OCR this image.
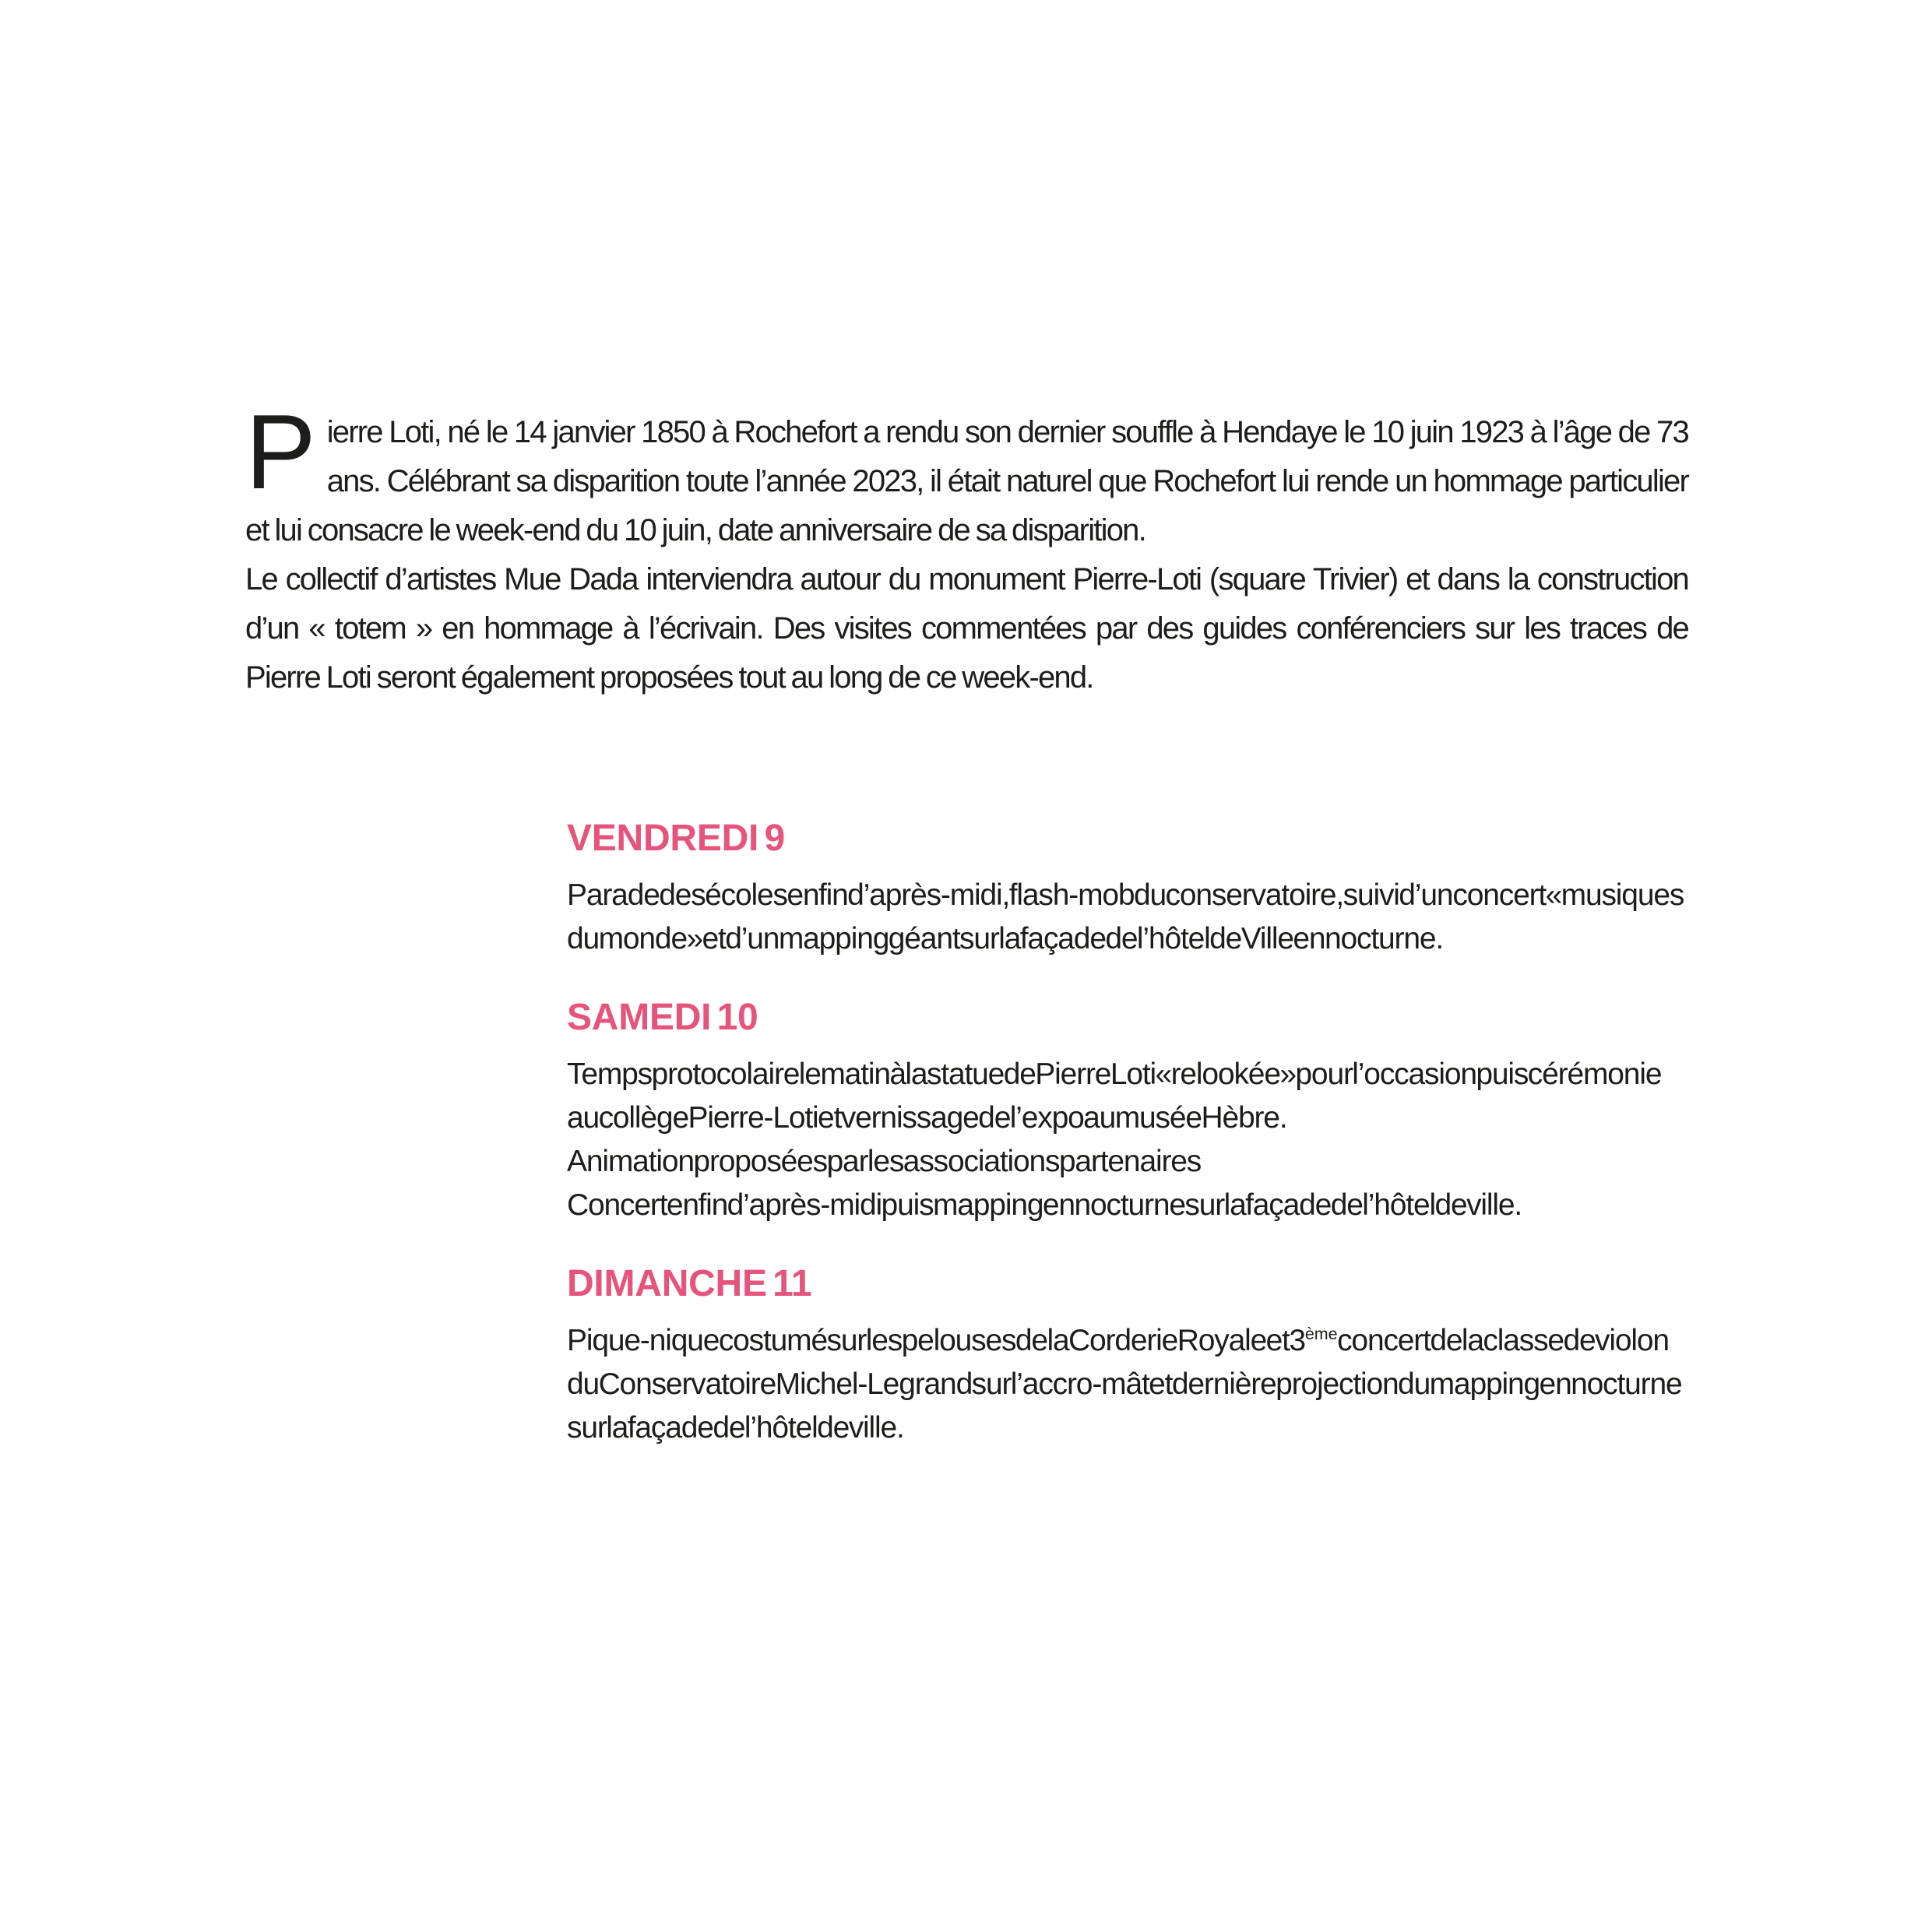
Pierre Loti, né le 14 janvier 1850 à Rochefort a rendu son dernier souffle à Hendaye le 10 juin 1923 à l’âge de 73 ans. Célébrant sa disparition toute l’année 2023, il était naturel que Rochefort lui rende un hommage particulier et lui consacre le week-end du 10 juin, date anniversaire de sa disparition.

Le collectif d’artistes Mue Dada interviendra autour du monument Pierre-Loti (square Trivier) et dans la construction d’un « totem » en hommage à l’écrivain. Des visites commentées par des guides conférenciers sur les traces de Pierre Loti seront également proposées tout au long de ce week-end.

VENDREDI 9

Parade des écoles en fin d’après-midi, flash-mob du conservatoire, suivi d’unconcert « musiques du monde » et d’un mapping géant sur la façade de l’hôtel de Ville en nocturne.

SAMEDI 10

Temps protocolaire le matin à la statue de Pierre Loti « relookée » pour l’occasion puis cérémonie au collège Pierre-Loti et vernissage de l’expo au musée Hèbre.

Animation proposées par les associations partenaires

Concert en fin d’après-midi puis mapping en nocturne sur la façade de l’hôtel de ville.

DIMANCHE 11

Pique-nique costumé sur les pelouses de la Corderie Royale et 3ème concert de la classe de violon du Conservatoire Michel-Legrand sur l’accro-mât et dernière projection du mapping en nocturne sur la façade de l’hôtel de ville.
